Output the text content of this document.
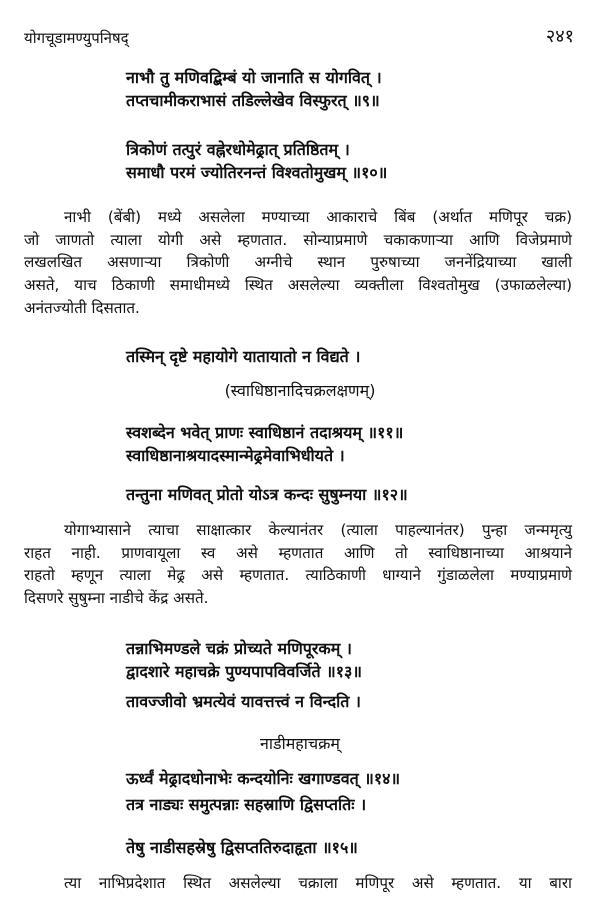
योगचूडामण्युपनिषद्	२४१
नाभौ तु मणिवद्बिम्बं यो जानाति स योगवित् ।
तप्तचामीकराभासं तडिल्लेखेव विस्फुरत् ॥९॥
त्रिकोणं तत्पुरं वह्नेरधोमेढ्रात् प्रतिष्ठितम् ।
समाधौ परमं ज्योतिरनन्तं विश्वतोमुखम् ॥१०॥
नाभी (बेंबी) मध्ये असलेला मण्याच्या आकाराचे बिंब (अर्थात मणिपूर चक्र)
जो जाणतो त्याला योगी असे म्हणतात. सोन्याप्रमाणे चकाकणाऱ्या आणि विजेप्रमाणे
लखलखित असणाऱ्या त्रिकोणी अग्नीचे स्थान पुरुषाच्या जननेंद्रियाच्या खाली
असते, याच ठिकाणी समाधीमध्ये स्थित असलेल्या व्यक्तीला विश्वतोमुख (उफाळलेल्या)
अनंतज्योती दिसतात.
तस्मिन् दृष्टे महायोगे यातायातो न विद्यते ।
(स्वाधिष्ठानादिचक्रलक्षणम्)
स्वशब्देन भवेत् प्राणः स्वाधिष्ठानं तदाश्रयम् ॥११॥
स्वाधिष्ठानाश्रयादस्मान्मेढ्रमेवाभिधीयते ।
तन्तुना मणिवत् प्रोतो योऽत्र कन्दः सुषुम्नया ॥१२॥
योगाभ्यासाने त्याचा साक्षात्कार केल्यानंतर (त्याला पाहल्यानंतर) पुन्हा जन्ममृत्यु
राहत नाही. प्राणवायूला स्व असे म्हणतात आणि तो स्वाधिष्ठानाच्या आश्रयाने
राहतो म्हणून त्याला मेढ्र असे म्हणतात. त्याठिकाणी धाग्याने गुंडाळलेला मण्याप्रमाणे
दिसणरे सुषुम्ना नाडीचे केंद्र असते.
तन्नाभिमण्डले चक्रं प्रोच्यते मणिपूरकम् ।
द्वादशारे महाचक्रे पुण्यपापविवर्जिते ॥१३॥
तावज्जीवो भ्रमत्येवं यावत्तत्त्वं न विन्दति ।
नाडीमहाचक्रम्
ऊर्ध्वं मेढ्रादधोनाभेः कन्दयोनिः खगाण्डवत् ॥१४॥
तत्र नाड्यः समुत्पन्नाः सहस्राणि द्विसप्ततिः ।
तेषु नाडीसहस्रेषु द्विसप्ततिरुदाहृता ॥१५॥
त्या नाभिप्रदेशात स्थित असलेल्या चक्राला मणिपूर असे म्हणतात. या बारा
